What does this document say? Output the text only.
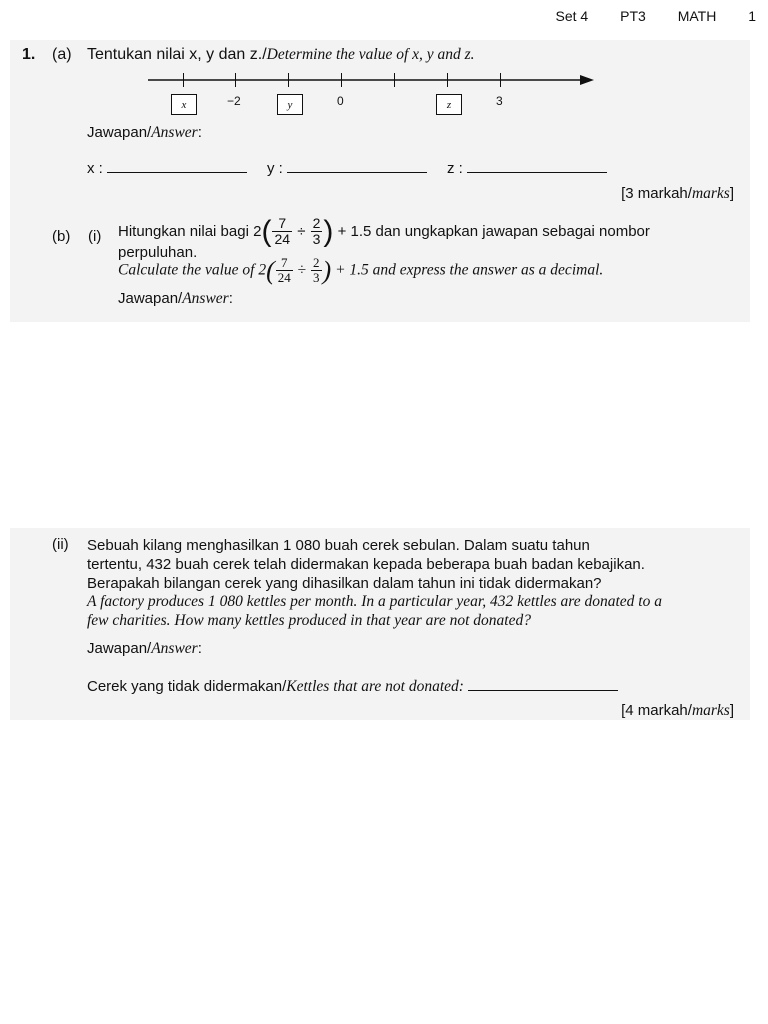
Set 4 PT3 MATH 1
1. (a) Tentukan nilai x, y dan z./Determine the value of x, y and z.
x	−2	y	0	z	3
Jawapan/Answer:
x :	y :	z :
[3 markah/marks]
(b) (i) Hitungkan nilai bagi $2( \frac{7}{24} \div \frac{2}{3}$ ) + 1.5 dan ungkapkan jawapan sebagai nombor
perpuluhan.
Calculate the value of $2( \frac{7}{24} \div \frac{2}{3}$ ) + 1.5 and express the answer as a decimal.
Jawapan/Answer:
(ii) Sebuah kilang menghasilkan 1 080 buah cerek sebulan. Dalam suatu tahun
tertentu, 432 buah cerek telah didermakan kepada beberapa buah badan kebajikan.
Berapakah bilangan cerek yang dihasilkan dalam tahun ini tidak didermakan?
A factory produces 1 080 kettles per month. In a particular year, 432 kettles are donated to a
few charities. How many kettles produced in that year are not donated?
Jawapan/Answer:
Cerek yang tidak didermakan/Kettles that are not donated:
[4 markah/marks]
